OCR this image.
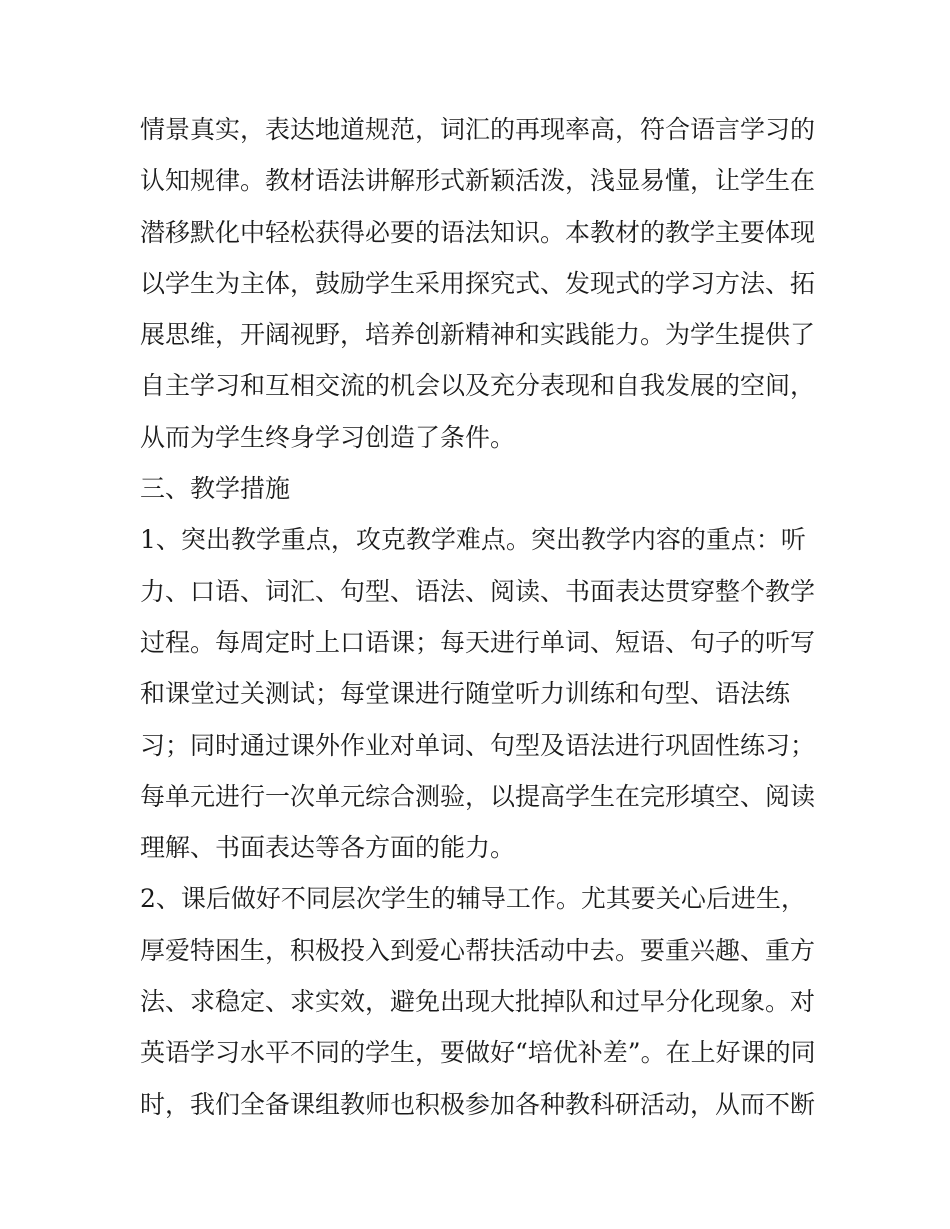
情景真实，表达地道规范，词汇的再现率高，符合语言学习的
认知规律。教材语法讲解形式新颖活泼，浅显易懂，让学生在
潜移默化中轻松获得必要的语法知识。本教材的教学主要体现
以学生为主体，鼓励学生采用探究式、发现式的学习方法、拓
展思维，开阔视野，培养创新精神和实践能力。为学生提供了
自主学习和互相交流的机会以及充分表现和自我发展的空间，
从而为学生终身学习创造了条件。
三、教学措施
1、突出教学重点，攻克教学难点。突出教学内容的重点：听
力、口语、词汇、句型、语法、阅读、书面表达贯穿整个教学
过程。每周定时上口语课；每天进行单词、短语、句子的听写
和课堂过关测试；每堂课进行随堂听力训练和句型、语法练
习；同时通过课外作业对单词、句型及语法进行巩固性练习；
每单元进行一次单元综合测验，以提高学生在完形填空、阅读
理解、书面表达等各方面的能力。
2、课后做好不同层次学生的辅导工作。尤其要关心后进生，
厚爱特困生，积极投入到爱心帮扶活动中去。要重兴趣、重方
法、求稳定、求实效，避免出现大批掉队和过早分化现象。对
英语学习水平不同的学生，要做好“培优补差”。在上好课的同
时，我们全备课组教师也积极参加各种教科研活动，从而不断
